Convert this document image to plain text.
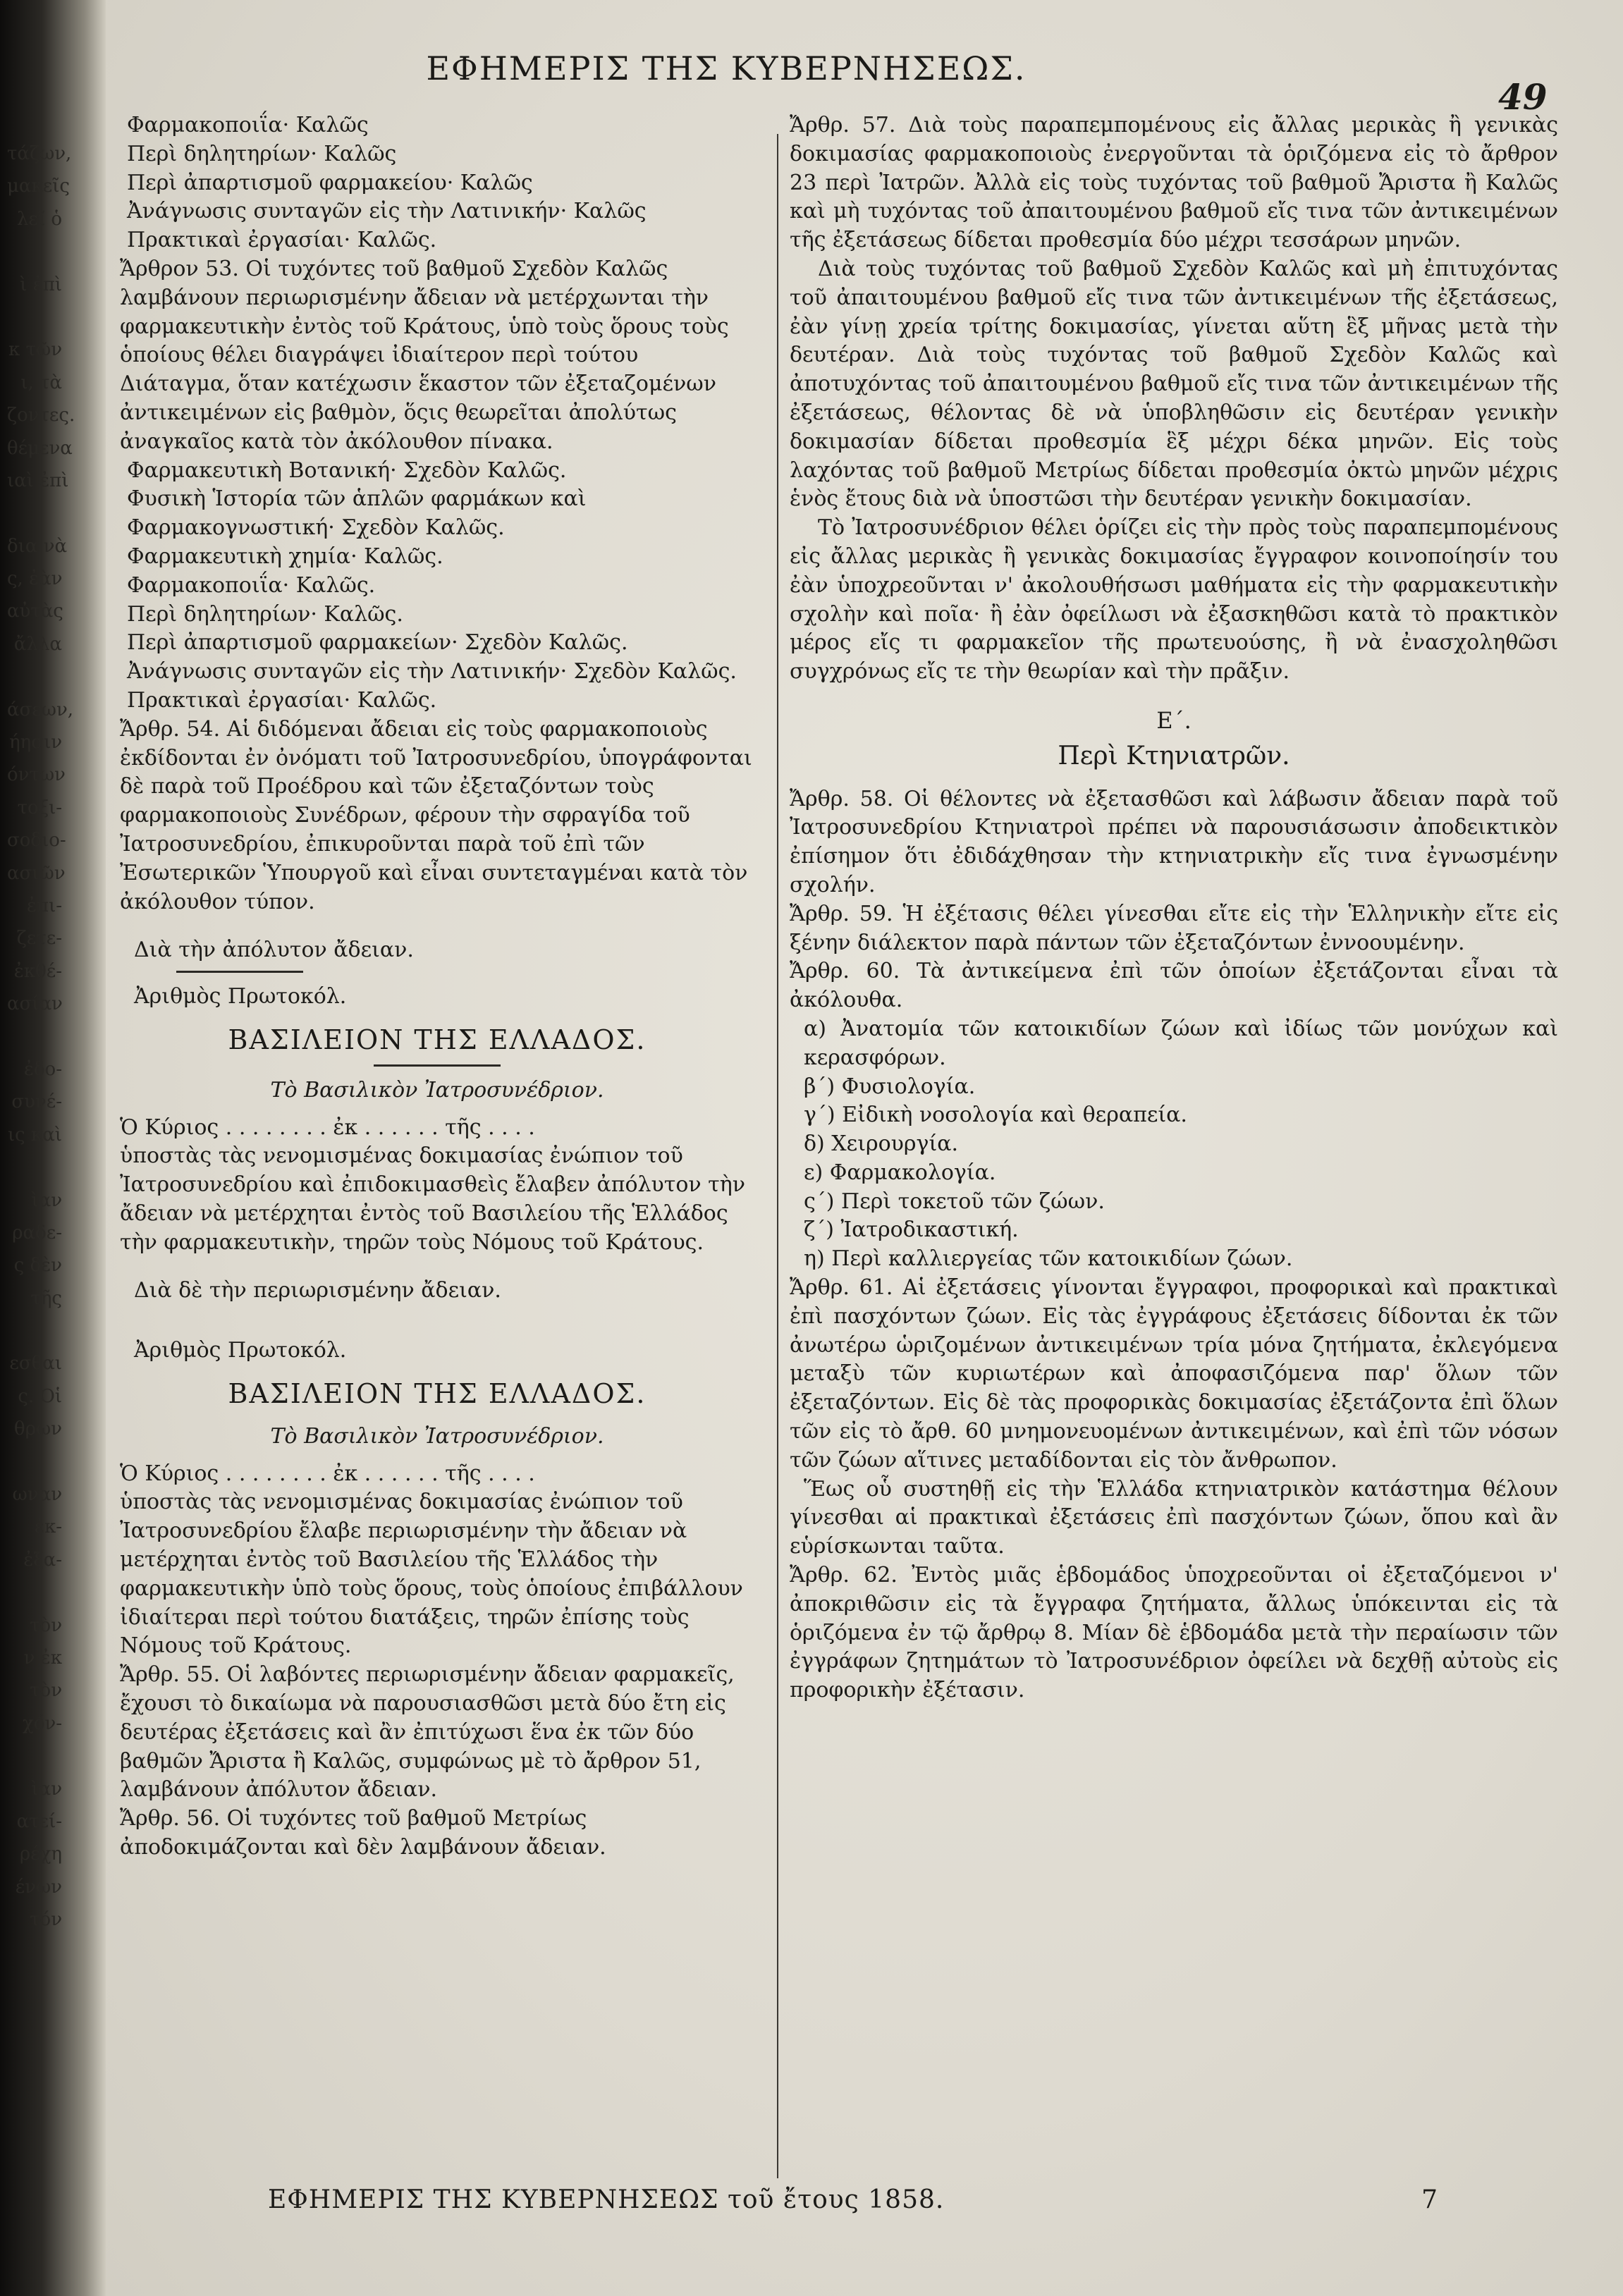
τάζων,
μακεῖς
λεῖ ὁ
ὶ ἐπὶ
κ τῶν
ι, τὰ
ζοντες.
θέμενα
ιαὶ ἐπὶ
δια νὰ
ς, ἐὰν
αὐτὰς
ἄλλα
άσεων,
ήησιν
όντων
τοξι-
σοδιο-
ασιῶν
ἐπι-
ζετε-
ἐκθέ-
ασίαν
ἐδο-
συνέ-
ις καὶ
ὶαν
ραδε-
ς δὲν
τῆς
εσθαι
ς. Οἱ
θρων
ωναν
ἐκ-
ἐξα-
τὸν
ν ἐκ
τὸν
χόν-
ὶαν
ατεί-
ρέχη
ένων
τόν
ΕΦΗΜΕΡΙΣ ΤΗΣ ΚΥΒΕΡΝΗΣΕΩΣ.
49
Φαρμακοποιΐα· Καλῶς
Περὶ δηλητηρίων· Καλῶς
Περὶ ἀπαρτισμοῦ φαρμακείου· Καλῶς
Ἀνάγνωσις συνταγῶν εἰς τὴν Λατινικήν· Καλῶς
Πρακτικαὶ ἐργασίαι· Καλῶς.

Ἄρθρον 53. Οἱ τυχόντες τοῦ βαθμοῦ Σχεδὸν Καλῶς λαμβάνουν περιωρισμένην ἄδειαν νὰ μετέρχωνται τὴν φαρμακευτικὴν ἐντὸς τοῦ Κράτους, ὑπὸ τοὺς ὅρους τοὺς ὁποίους θέλει διαγράψει ἰδιαίτερον περὶ τούτου Διάταγμα, ὅταν κατέχωσιν ἕκαστον τῶν ἐξεταζομένων ἀντικειμένων εἰς βαθμὸν, ὅςις θεωρεῖται ἀπολύτως ἀναγκαῖος κατὰ τὸν ἀκόλουθον πίνακα.

Φαρμακευτικὴ Βοτανική· Σχεδὸν Καλῶς.
Φυσικὴ Ἱστορία τῶν ἁπλῶν φαρμάκων καὶ Φαρμακογνωστική· Σχεδὸν Καλῶς.
Φαρμακευτικὴ χημία· Καλῶς.
Φαρμακοποιΐα· Καλῶς.
Περὶ δηλητηρίων· Καλῶς.
Περὶ ἀπαρτισμοῦ φαρμακείων· Σχεδὸν Καλῶς.
Ἀνάγνωσις συνταγῶν εἰς τὴν Λατινικήν· Σχεδὸν Καλῶς.
Πρακτικαὶ ἐργασίαι· Καλῶς.

Ἄρθρ. 54. Αἱ διδόμεναι ἄδειαι εἰς τοὺς φαρμακοποιοὺς ἐκδίδονται ἐν ὀνόματι τοῦ Ἰατροσυνεδρίου, ὑπογράφονται δὲ παρὰ τοῦ Προέδρου καὶ τῶν ἐξεταζόντων τοὺς φαρμακοποιοὺς Συνέδρων, φέρουν τὴν σφραγίδα τοῦ Ἰατροσυνεδρίου, ἐπικυροῦνται παρὰ τοῦ ἐπὶ τῶν Ἐσωτερικῶν Ὑπουργοῦ καὶ εἶναι συντεταγμέναι κατὰ τὸν ἀκόλουθον τύπον.

Διὰ τὴν ἀπόλυτον ἄδειαν.

Ἀριθμὸς Πρωτοκόλ.

ΒΑΣΙΛΕΙΟΝ ΤΗΣ ΕΛΛΑΔΟΣ.

Τὸ Βασιλικὸν Ἰατροσυνέδριον.

Ὁ Κύριος . . . . . . . . ἐκ . . . . . . τῆς . . . .

ὑποστὰς τὰς νενομισμένας δοκιμασίας ἐνώπιον τοῦ Ἰατροσυνεδρίου καὶ ἐπιδοκιμασθεὶς ἔλαβεν ἀπόλυτον τὴν ἄδειαν νὰ μετέρχηται ἐντὸς τοῦ Βασιλείου τῆς Ἑλλάδος τὴν φαρμακευτικὴν, τηρῶν τοὺς Νόμους τοῦ Κράτους.

Διὰ δὲ τὴν περιωρισμένην ἄδειαν.

Ἀριθμὸς Πρωτοκόλ.

ΒΑΣΙΛΕΙΟΝ ΤΗΣ ΕΛΛΑΔΟΣ.

Τὸ Βασιλικὸν Ἰατροσυνέδριον.

Ὁ Κύριος . . . . . . . . ἐκ . . . . . . τῆς . . . .

ὑποστὰς τὰς νενομισμένας δοκιμασίας ἐνώπιον τοῦ Ἰατροσυνεδρίου ἔλαβε περιωρισμένην τὴν ἄδειαν νὰ μετέρχηται ἐντὸς τοῦ Βασιλείου τῆς Ἑλλάδος τὴν φαρμακευτικὴν ὑπὸ τοὺς ὅρους, τοὺς ὁποίους ἐπιβάλλουν ἰδιαίτεραι περὶ τούτου διατάξεις, τηρῶν ἐπίσης τοὺς Νόμους τοῦ Κράτους.

Ἄρθρ. 55. Οἱ λαβόντες περιωρισμένην ἄδειαν φαρμακεῖς, ἔχουσι τὸ δικαίωμα νὰ παρουσιασθῶσι μετὰ δύο ἔτη εἰς δευτέρας ἐξετάσεις καὶ ἂν ἐπιτύχωσι ἕνα ἐκ τῶν δύο βαθμῶν Ἄριστα ἢ Καλῶς, συμφώνως μὲ τὸ ἄρθρον 51, λαμβάνουν ἀπόλυτον ἄδειαν.

Ἄρθρ. 56. Οἱ τυχόντες τοῦ βαθμοῦ Μετρίως ἀποδοκιμάζονται καὶ δὲν λαμβάνουν ἄδειαν.

Ἄρθρ. 57. Διὰ τοὺς παραπεμπομένους εἰς ἄλλας μερικὰς ἢ γενικὰς δοκιμασίας φαρμακοποιοὺς ἐνεργοῦνται τὰ ὁριζόμενα εἰς τὸ ἄρθρον 23 περὶ Ἰατρῶν. Ἀλλὰ εἰς τοὺς τυχόντας τοῦ βαθμοῦ Ἄριστα ἢ Καλῶς καὶ μὴ τυχόντας τοῦ ἀπαιτουμένου βαθμοῦ εἴς τινα τῶν ἀντικειμένων τῆς ἐξετάσεως δίδεται προθεσμία δύο μέχρι τεσσάρων μηνῶν.

Διὰ τοὺς τυχόντας τοῦ βαθμοῦ Σχεδὸν Καλῶς καὶ μὴ ἐπιτυχόντας τοῦ ἀπαιτουμένου βαθμοῦ εἴς τινα τῶν ἀντικειμένων τῆς ἐξετάσεως, ἐὰν γίνῃ χρεία τρίτης δοκιμασίας, γίνεται αὕτη ἓξ μῆνας μετὰ τὴν δευτέραν. Διὰ τοὺς τυχόντας τοῦ βαθμοῦ Σχεδὸν Καλῶς καὶ ἀποτυχόντας τοῦ ἀπαιτουμένου βαθμοῦ εἴς τινα τῶν ἀντικειμένων τῆς ἐξετάσεως, θέλοντας δὲ νὰ ὑποβληθῶσιν εἰς δευτέραν γενικὴν δοκιμασίαν δίδεται προθεσμία ἓξ μέχρι δέκα μηνῶν. Εἰς τοὺς λαχόντας τοῦ βαθμοῦ Μετρίως δίδεται προθεσμία ὀκτὼ μηνῶν μέχρις ἑνὸς ἔτους διὰ νὰ ὑποστῶσι τὴν δευτέραν γενικὴν δοκιμασίαν.

Τὸ Ἰατροσυνέδριον θέλει ὁρίζει εἰς τὴν πρὸς τοὺς παραπεμπομένους εἰς ἄλλας μερικὰς ἢ γενικὰς δοκιμασίας ἔγγραφον κοινοποίησίν του ἐὰν ὑποχρεοῦνται ν' ἀκολουθήσωσι μαθήματα εἰς τὴν φαρμακευτικὴν σχολὴν καὶ ποῖα· ἢ ἐὰν ὀφείλωσι νὰ ἐξασκηθῶσι κατὰ τὸ πρακτικὸν μέρος εἴς τι φαρμακεῖον τῆς πρωτευούσης, ἢ νὰ ἐνασχοληθῶσι συγχρόνως εἴς τε τὴν θεωρίαν καὶ τὴν πρᾶξιν.

Ε΄.
Περὶ Κτηνιατρῶν.

Ἄρθρ. 58. Οἱ θέλοντες νὰ ἐξετασθῶσι καὶ λάβωσιν ἄδειαν παρὰ τοῦ Ἰατροσυνεδρίου Κτηνιατροὶ πρέπει νὰ παρουσιάσωσιν ἀποδεικτικὸν ἐπίσημον ὅτι ἐδιδάχθησαν τὴν κτηνιατρικὴν εἴς τινα ἐγνωσμένην σχολήν.

Ἄρθρ. 59. Ἡ ἐξέτασις θέλει γίνεσθαι εἴτε εἰς τὴν Ἑλληνικὴν εἴτε εἰς ξένην διάλεκτον παρὰ πάντων τῶν ἐξεταζόντων ἐννοουμένην.

Ἄρθρ. 60. Τὰ ἀντικείμενα ἐπὶ τῶν ὁποίων ἐξετάζονται εἶναι τὰ ἀκόλουθα.

α) Ἀνατομία τῶν κατοικιδίων ζώων καὶ ἰδίως τῶν μονύχων καὶ κερασφόρων.
β΄) Φυσιολογία.
γ΄) Εἰδικὴ νοσολογία καὶ θεραπεία.
δ) Χειρουργία.
ε) Φαρμακολογία.
ς΄) Περὶ τοκετοῦ τῶν ζώων.
ζ΄) Ἰατροδικαστική.
η) Περὶ καλλιεργείας τῶν κατοικιδίων ζώων.

Ἄρθρ. 61. Αἱ ἐξετάσεις γίνονται ἔγγραφοι, προφορικαὶ καὶ πρακτικαὶ ἐπὶ πασχόντων ζώων. Εἰς τὰς ἐγγράφους ἐξετάσεις δίδονται ἐκ τῶν ἀνωτέρω ὡριζομένων ἀντικειμένων τρία μόνα ζητήματα, ἐκλεγόμενα μεταξὺ τῶν κυριωτέρων καὶ ἀποφασιζόμενα παρ' ὅλων τῶν ἐξεταζόντων. Εἰς δὲ τὰς προφορικὰς δοκιμασίας ἐξετάζοντα ἐπὶ ὅλων τῶν εἰς τὸ ἄρθ. 60 μνημονευομένων ἀντικειμένων, καὶ ἐπὶ τῶν νόσων τῶν ζώων αἵτινες μεταδίδονται εἰς τὸν ἄνθρωπον.

Ἕως οὗ συστηθῇ εἰς τὴν Ἑλλάδα κτηνιατρικὸν κατάστημα θέλουν γίνεσθαι αἱ πρακτικαὶ ἐξετάσεις ἐπὶ πασχόντων ζώων, ὅπου καὶ ἂν εὑρίσκωνται ταῦτα.

Ἄρθρ. 62. Ἐντὸς μιᾶς ἑβδομάδος ὑποχρεοῦνται οἱ ἐξεταζόμενοι ν' ἀποκριθῶσιν εἰς τὰ ἔγγραφα ζητήματα, ἄλλως ὑπόκεινται εἰς τὰ ὁριζόμενα ἐν τῷ ἄρθρῳ 8. Μίαν δὲ ἑβδομάδα μετὰ τὴν περαίωσιν τῶν ἐγγράφων ζητημάτων τὸ Ἰατροσυνέδριον ὀφείλει νὰ δεχθῇ αὐτοὺς εἰς προφορικὴν ἐξέτασιν.

ΕΦΗΜΕΡΙΣ ΤΗΣ ΚΥΒΕΡΝΗΣΕΩΣ τοῦ ἔτους 1858.	7
